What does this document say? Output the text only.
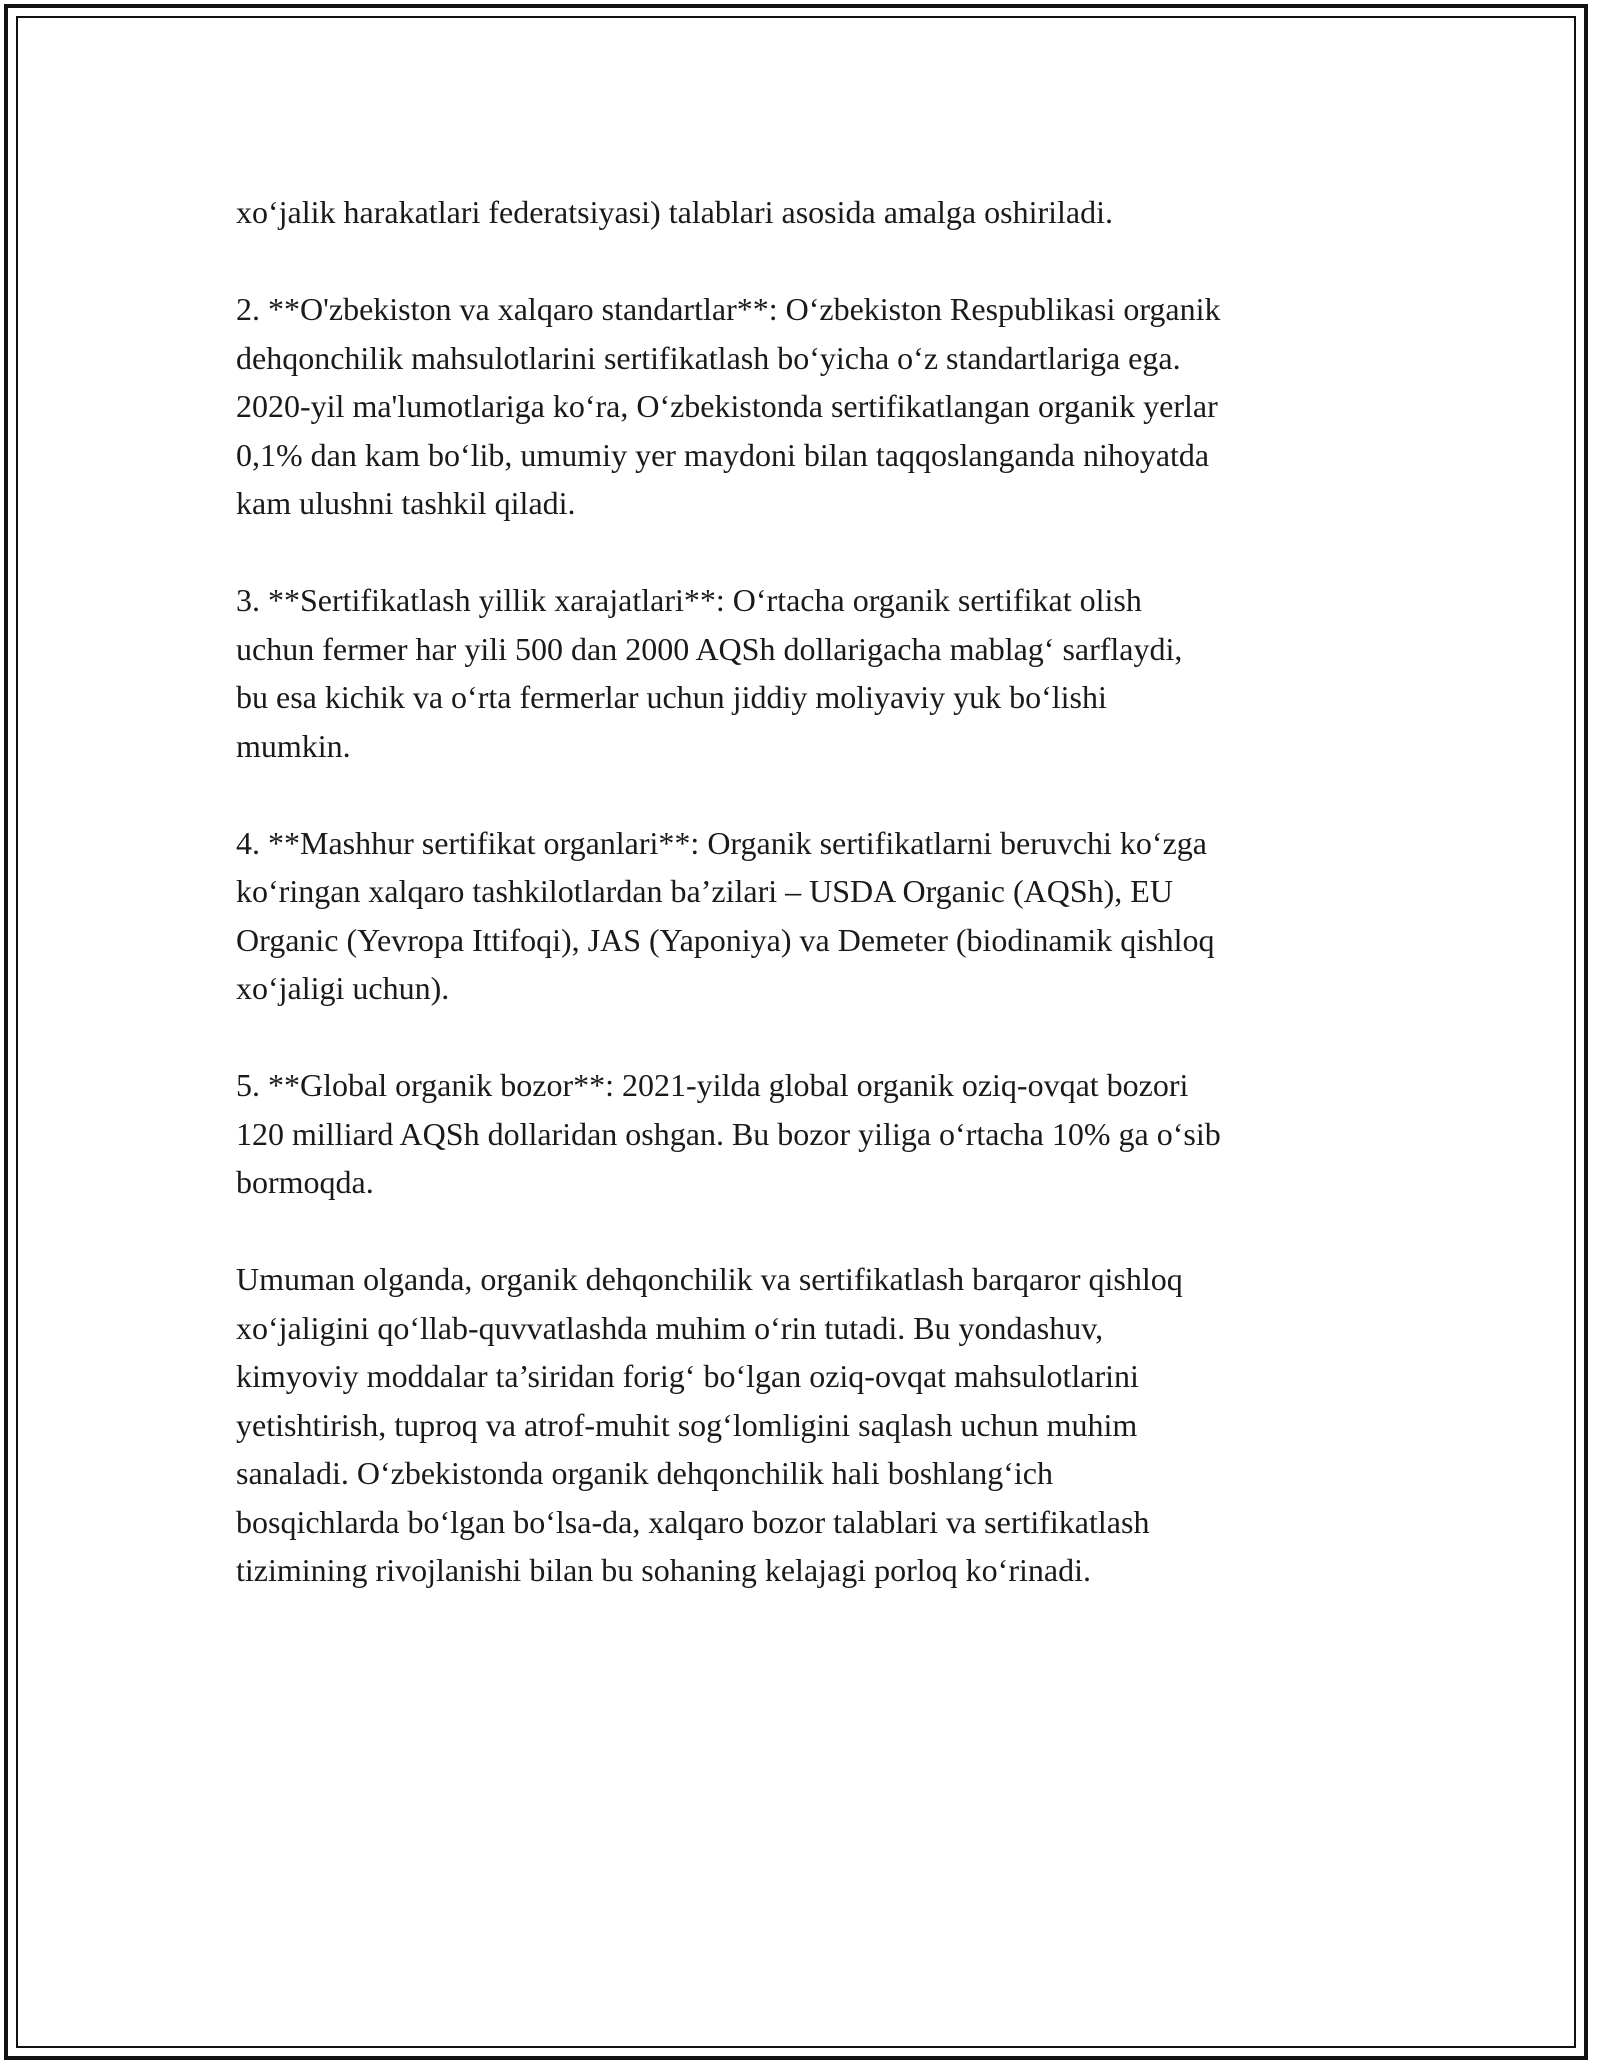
xo‘jalik harakatlari federatsiyasi) talablari asosida amalga oshiriladi.

2. **O'zbekiston va xalqaro standartlar**: O‘zbekiston Respublikasi organik
dehqonchilik mahsulotlarini sertifikatlash bo‘yicha o‘z standartlariga ega.
2020-yil ma'lumotlariga ko‘ra, O‘zbekistonda sertifikatlangan organik yerlar
0,1% dan kam bo‘lib, umumiy yer maydoni bilan taqqoslanganda nihoyatda
kam ulushni tashkil qiladi.

3. **Sertifikatlash yillik xarajatlari**: O‘rtacha organik sertifikat olish
uchun fermer har yili 500 dan 2000 AQSh dollarigacha mablag‘ sarflaydi,
bu esa kichik va o‘rta fermerlar uchun jiddiy moliyaviy yuk bo‘lishi
mumkin.

4. **Mashhur sertifikat organlari**: Organik sertifikatlarni beruvchi ko‘zga
ko‘ringan xalqaro tashkilotlardan ba’zilari – USDA Organic (AQSh), EU
Organic (Yevropa Ittifoqi), JAS (Yaponiya) va Demeter (biodinamik qishloq
xo‘jaligi uchun).

5. **Global organik bozor**: 2021-yilda global organik oziq-ovqat bozori
120 milliard AQSh dollaridan oshgan. Bu bozor yiliga o‘rtacha 10% ga o‘sib
bormoqda.

Umuman olganda, organik dehqonchilik va sertifikatlash barqaror qishloq
xo‘jaligini qo‘llab-quvvatlashda muhim o‘rin tutadi. Bu yondashuv,
kimyoviy moddalar ta’siridan forig‘ bo‘lgan oziq-ovqat mahsulotlarini
yetishtirish, tuproq va atrof-muhit sog‘lomligini saqlash uchun muhim
sanaladi. O‘zbekistonda organik dehqonchilik hali boshlang‘ich
bosqichlarda bo‘lgan bo‘lsa-da, xalqaro bozor talablari va sertifikatlash
tizimining rivojlanishi bilan bu sohaning kelajagi porloq ko‘rinadi.
